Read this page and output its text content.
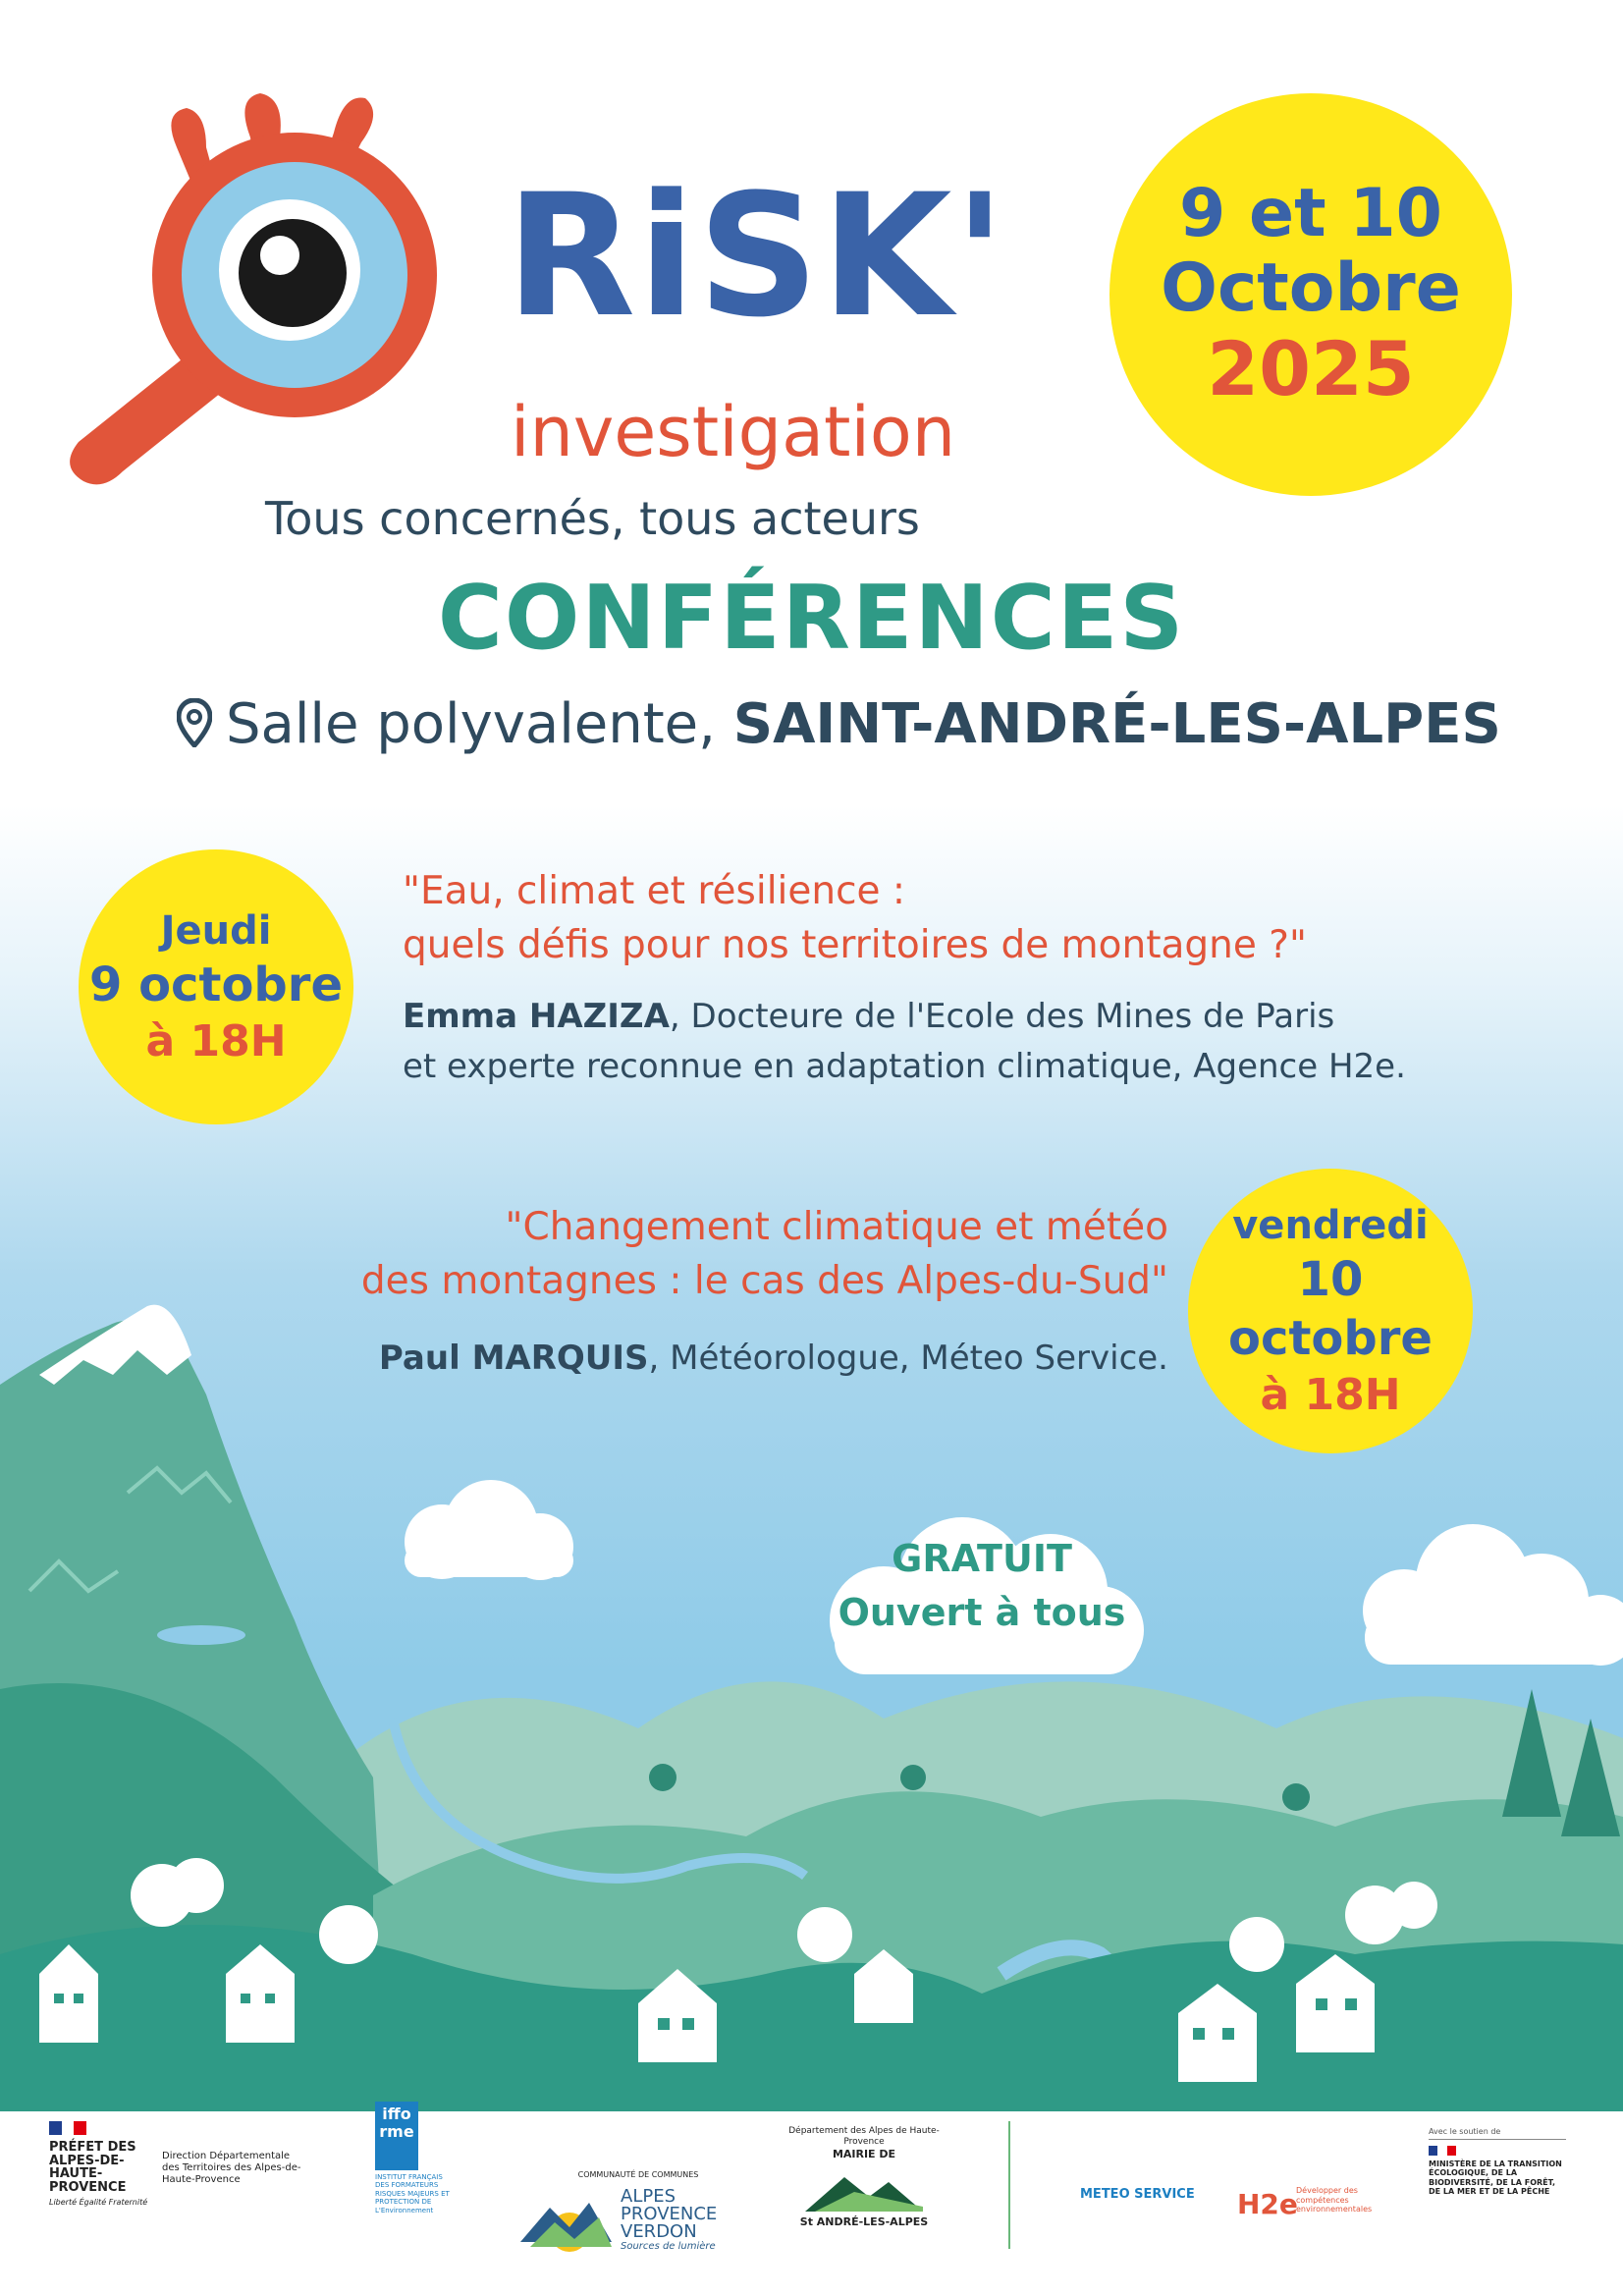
RiSK'
investigation
Tous concernés, tous acteurs
9 et 10
Octobre
2025
CONFÉRENCES
Salle polyvalente, SAINT-ANDRÉ-LES-ALPES
Jeudi
9 octobre
à 18H
"Eau, climat et résilience :
quels défis pour nos territoires de montagne ?"
Emma HAZIZA, Docteure de l'Ecole des Mines de Paris
et experte reconnue en adaptation climatique, Agence H2e.
vendredi
10 octobre
à 18H
"Changement climatique et météo
des montagnes : le cas des Alpes-du-Sud"
Paul MARQUIS, Météorologue, Méteo Service.
GRATUIT
Ouvert à tous
PRÉFET DES ALPES-DE-HAUTE-PROVENCE
Liberté Égalité Fraternité
Direction Départementale des Territoires des Alpes-de-Haute-Provence
iffo rme
INSTITUT FRANÇAIS DES FORMATEURS RISQUES MAJEURS ET PROTECTION DE L'Environnement
COMMUNAUTÉ DE COMMUNES
ALPES PROVENCE VERDON
Sources de lumière
Département des Alpes de Haute-Provence
MAIRIE DE
St ANDRÉ-LES-ALPES
METEO SERVICE H2e
Développer des compétences environnementales
Avec le soutien de
MINISTÈRE DE LA TRANSITION ÉCOLOGIQUE, DE LA BIODIVERSITÉ, DE LA FORÊT, DE LA MER ET DE LA PÊCHE
